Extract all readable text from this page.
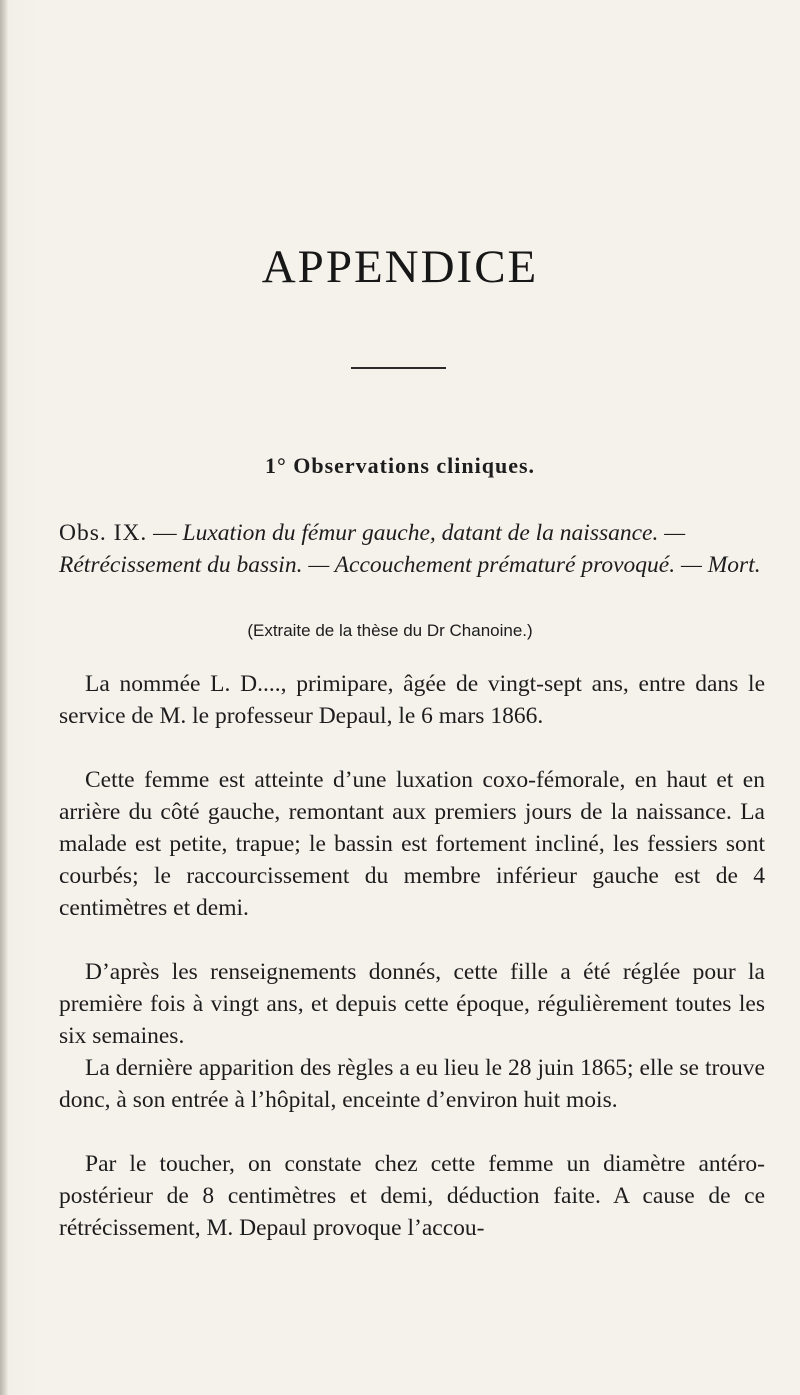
APPENDICE
1° Observations cliniques.

Obs. IX. — Luxation du fémur gauche, datant de la naissance. — Rétrécissement du bassin. — Accouchement prématuré provoqué. — Mort.

(Extraite de la thèse du Dr Chanoine.)

La nommée L. D...., primipare, âgée de vingt-sept ans, entre dans le service de M. le professeur Depaul, le 6 mars 1866.

Cette femme est atteinte d’une luxation coxo-fémorale, en haut et en arrière du côté gauche, remontant aux premiers jours de la naissance. La malade est petite, trapue; le bassin est fortement incliné, les fessiers sont courbés; le raccourcissement du membre inférieur gauche est de 4 centimètres et demi.

D’après les renseignements donnés, cette fille a été réglée pour la première fois à vingt ans, et depuis cette époque, régulièrement toutes les six semaines.

La dernière apparition des règles a eu lieu le 28 juin 1865; elle se trouve donc, à son entrée à l’hôpital, enceinte d’environ huit mois.

Par le toucher, on constate chez cette femme un diamètre antéro-postérieur de 8 centimètres et demi, déduction faite. A cause de ce rétrécissement, M. Depaul provoque l’accou-
